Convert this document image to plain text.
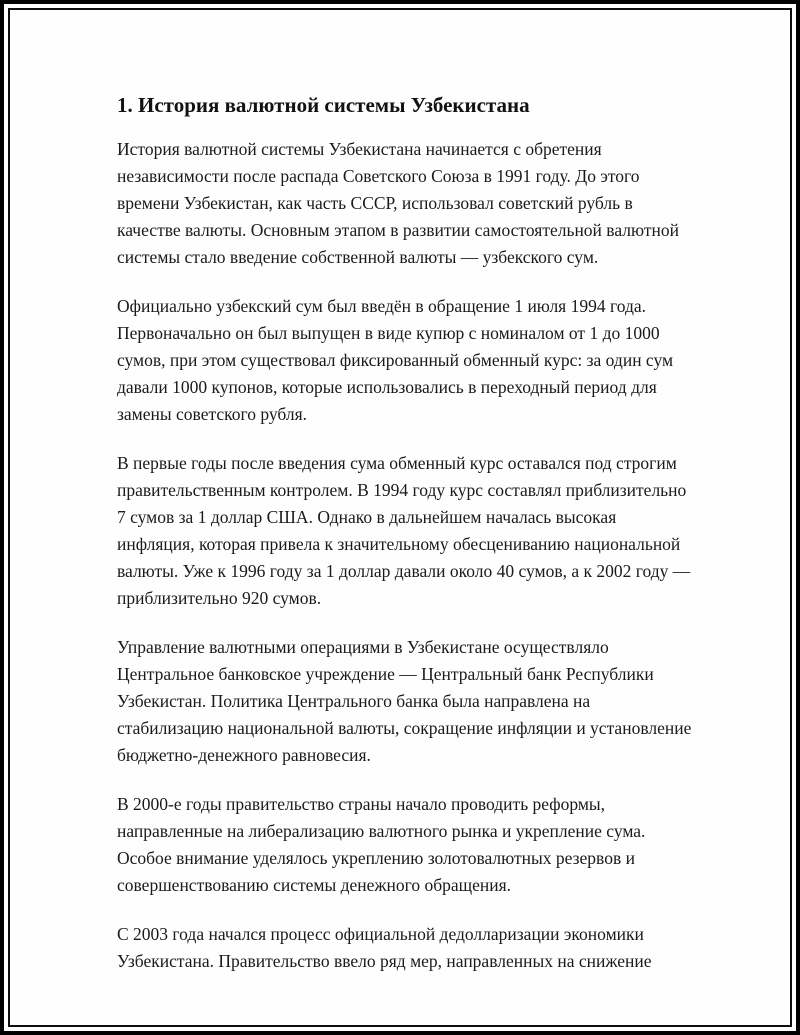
1. История валютной системы Узбекистана

История валютной системы Узбекистана начинается с обретения независимости после распада Советского Союза в 1991 году. До этого времени Узбекистан, как часть СССР, использовал советский рубль в качестве валюты. Основным этапом в развитии самостоятельной валютной системы стало введение собственной валюты — узбекского сум.

Официально узбекский сум был введён в обращение 1 июля 1994 года. Первоначально он был выпущен в виде купюр с номиналом от 1 до 1000 сумов, при этом существовал фиксированный обменный курс: за один сум давали 1000 купонов, которые использовались в переходный период для замены советского рубля.

В первые годы после введения сума обменный курс оставался под строгим правительственным контролем. В 1994 году курс составлял приблизительно 7 сумов за 1 доллар США. Однако в дальнейшем началась высокая инфляция, которая привела к значительному обесцениванию национальной валюты. Уже к 1996 году за 1 доллар давали около 40 сумов, а к 2002 году — приблизительно 920 сумов.

Управление валютными операциями в Узбекистане осуществляло Центральное банковское учреждение — Центральный банк Республики Узбекистан. Политика Центрального банка была направлена на стабилизацию национальной валюты, сокращение инфляции и установление бюджетно-денежного равновесия.

В 2000-е годы правительство страны начало проводить реформы, направленные на либерализацию валютного рынка и укрепление сума. Особое внимание уделялось укреплению золотовалютных резервов и совершенствованию системы денежного обращения.

С 2003 года начался процесс официальной дедолларизации экономики Узбекистана. Правительство ввело ряд мер, направленных на снижение
